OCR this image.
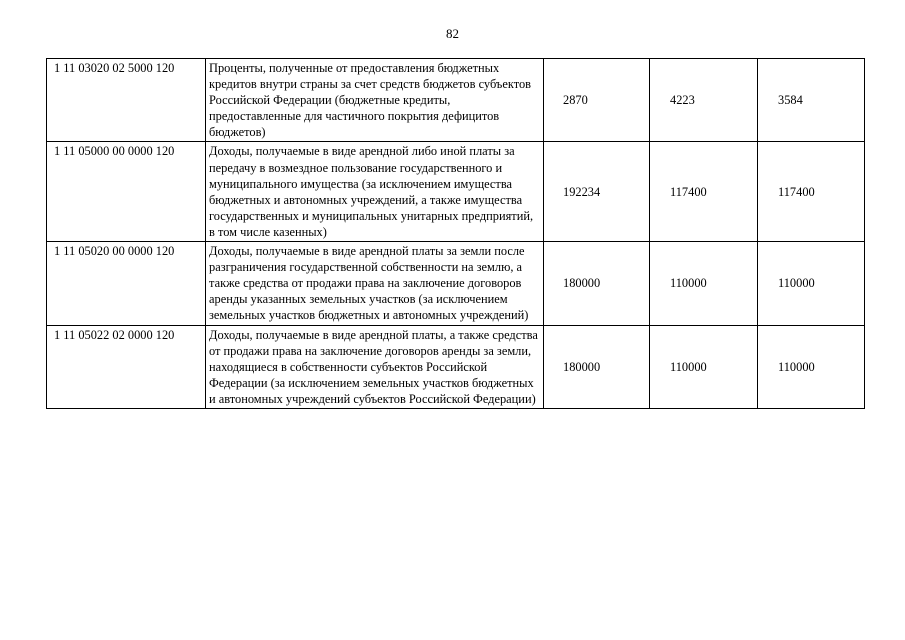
82
1 11 03020 02 5000 120	Проценты, полученные от предоставления бюджетных кредитов внутри страны за счет средств бюджетов субъектов Российской Федерации (бюджетные кредиты, предоставленные для частичного покрытия дефицитов бюджетов)	2870	4223	3584
1 11 05000 00 0000 120	Доходы, получаемые в виде арендной либо иной платы за передачу в возмездное пользование государственного и муниципального имущества (за исключением имущества бюджетных и автономных учреждений, а также имущества государственных и муниципальных унитарных предприятий, в том числе казенных)	192234	117400	117400
1 11 05020 00 0000 120	Доходы, получаемые в виде арендной платы за земли после разграничения государственной собственности на землю, а также средства от продажи права на заключение договоров аренды указанных земельных участков (за исключением земельных участков бюджетных и автономных учреждений)	180000	110000	110000
1 11 05022 02 0000 120	Доходы, получаемые в виде арендной платы, а также средства от продажи права на заключение договоров аренды за земли, находящиеся в собственности субъектов Российской Федерации (за исключением земельных участков бюджетных и автономных учреждений субъектов Российской Федерации)	180000	110000	110000
